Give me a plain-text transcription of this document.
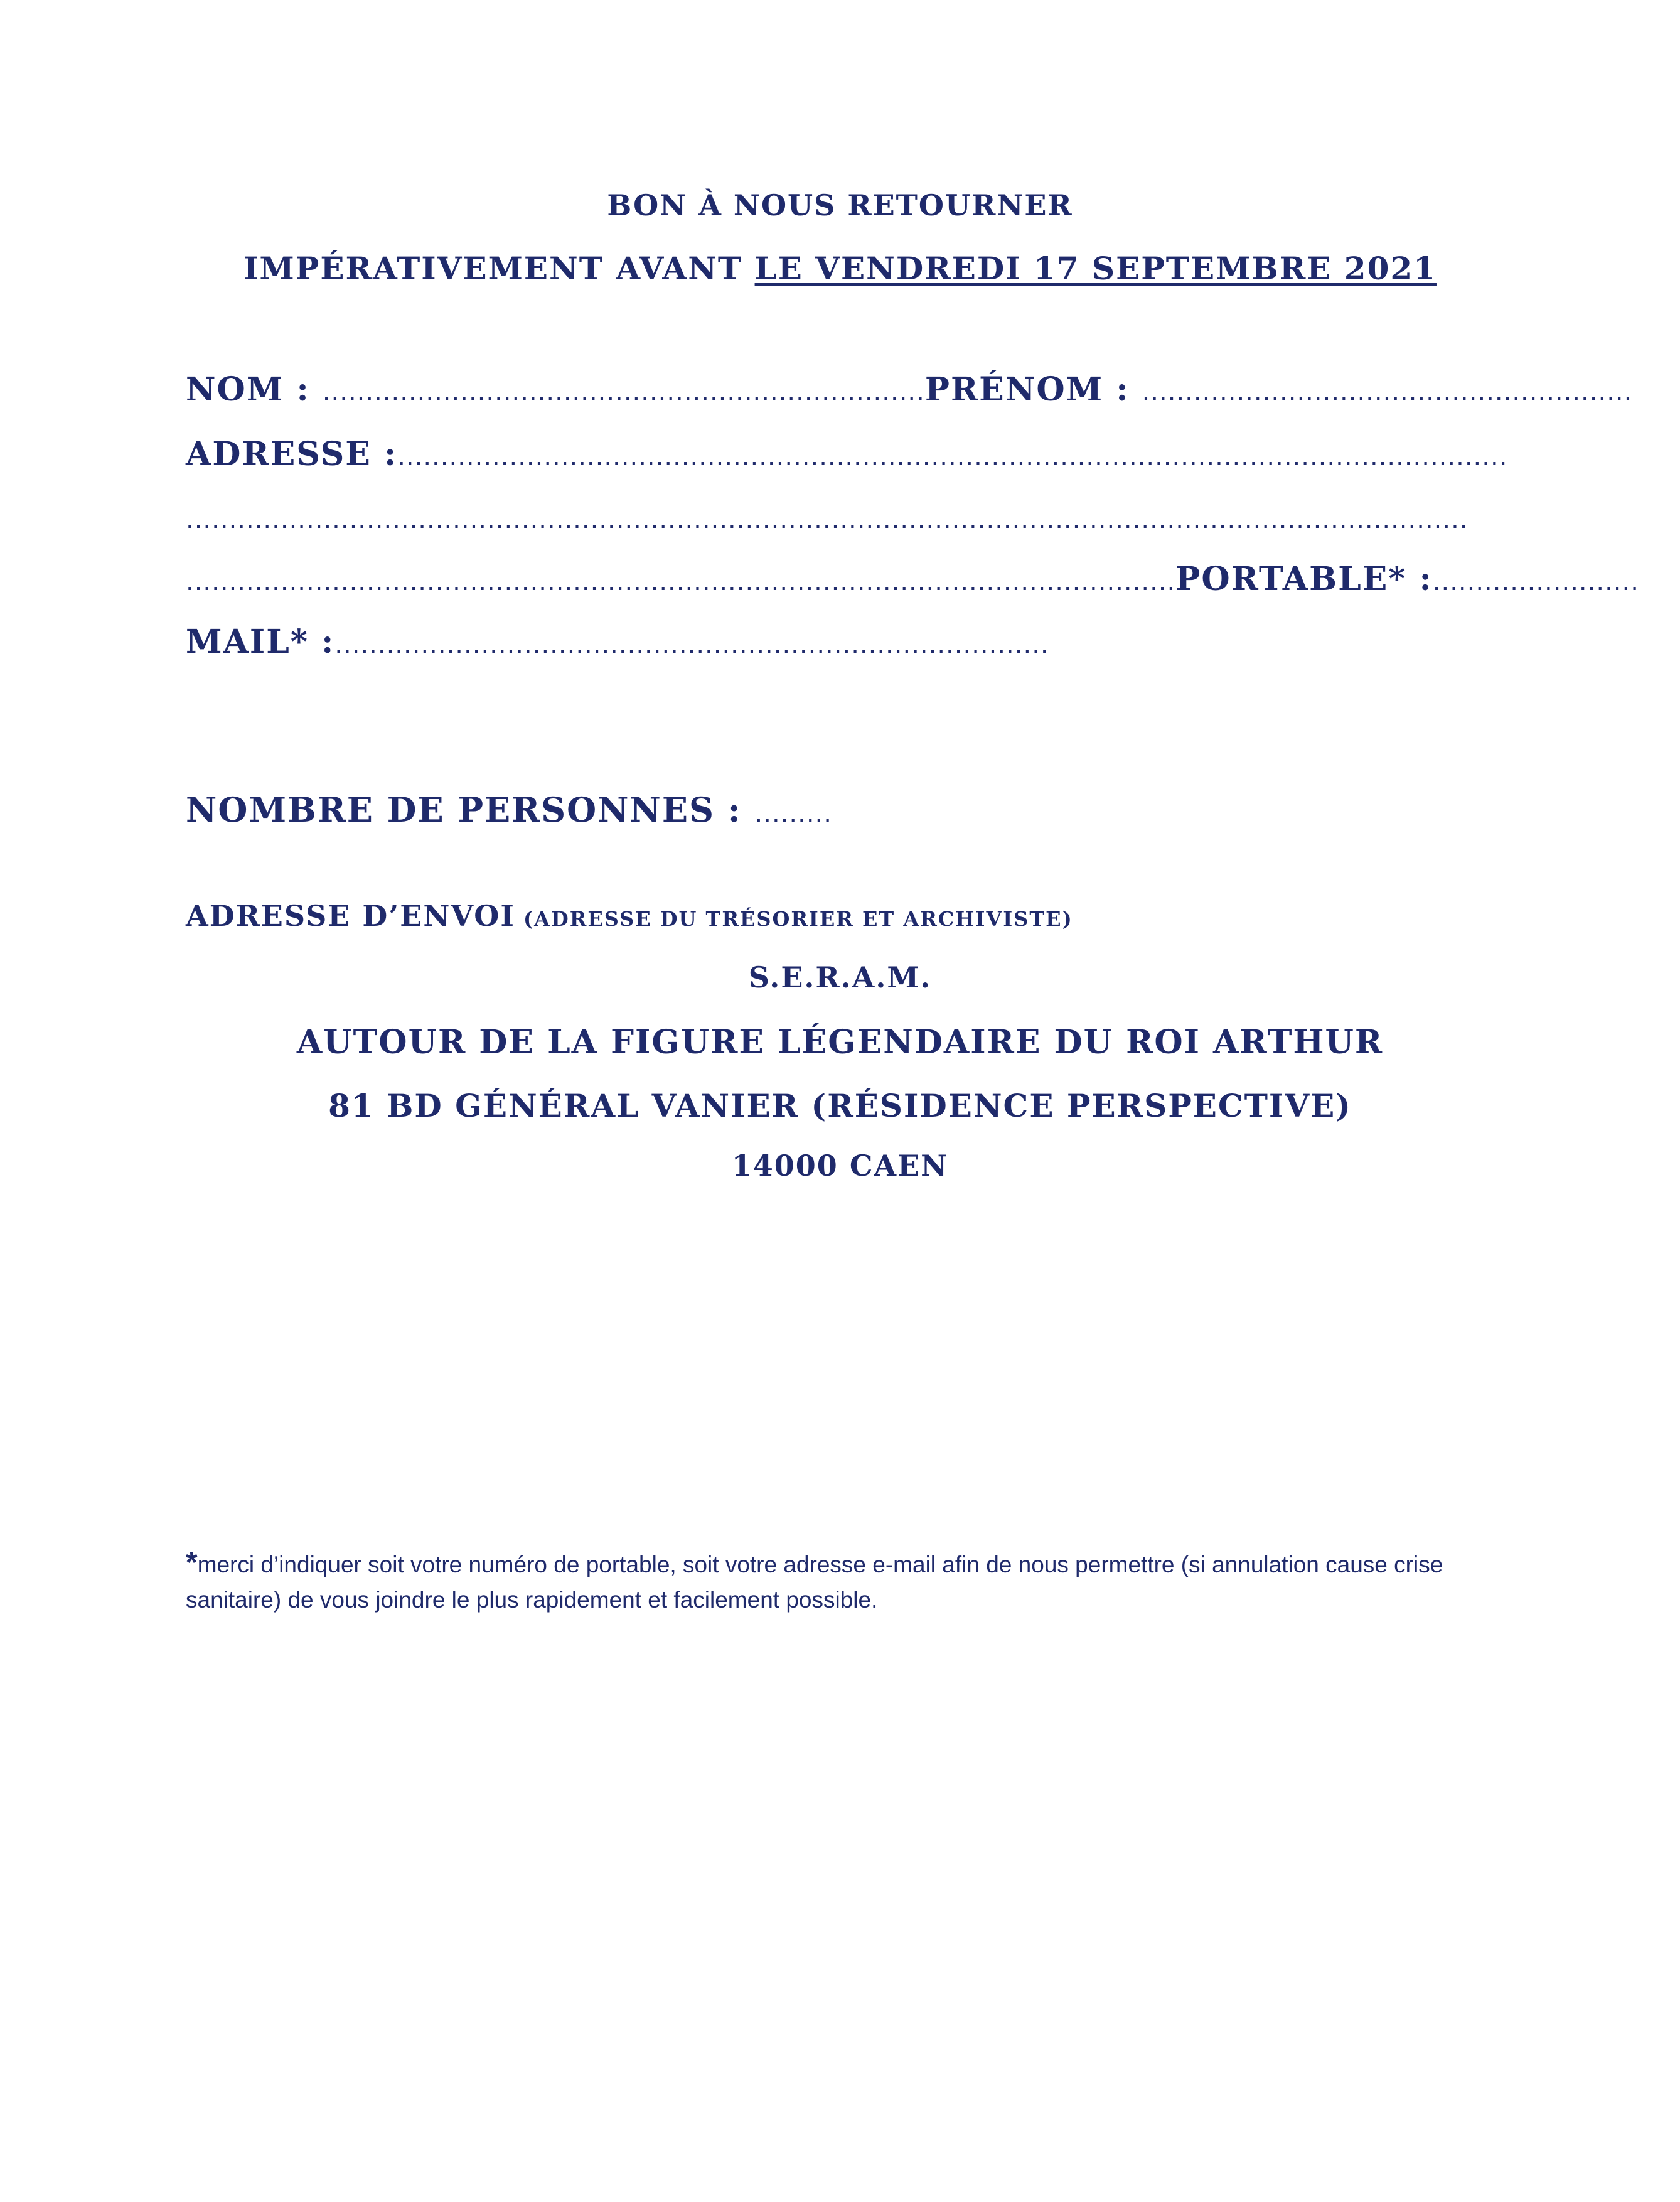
BON À NOUS RETOURNER
IMPÉRATIVEMENT AVANT LE VENDREDI 17 SEPTEMBRE 2021
NOM : ......................................................................PRÉNOM : .........................................................
ADRESSE :.................................................................................................................................
.....................................................................................................................................................
...................................................................................................................PORTABLE* :........................
MAIL* :...................................................................................
NOMBRE DE PERSONNES : .........
ADRESSE D’ENVOI (ADRESSE DU TRÉSORIER ET ARCHIVISTE)
S.E.R.A.M.
AUTOUR DE LA FIGURE LÉGENDAIRE DU ROI ARTHUR
81 BD GÉNÉRAL VANIER (RÉSIDENCE PERSPECTIVE)
14000 CAEN
*merci d’indiquer soit votre numéro de portable, soit votre adresse e-mail afin de nous permettre (si annulation cause crise sanitaire) de vous joindre le plus rapidement et facilement possible.
